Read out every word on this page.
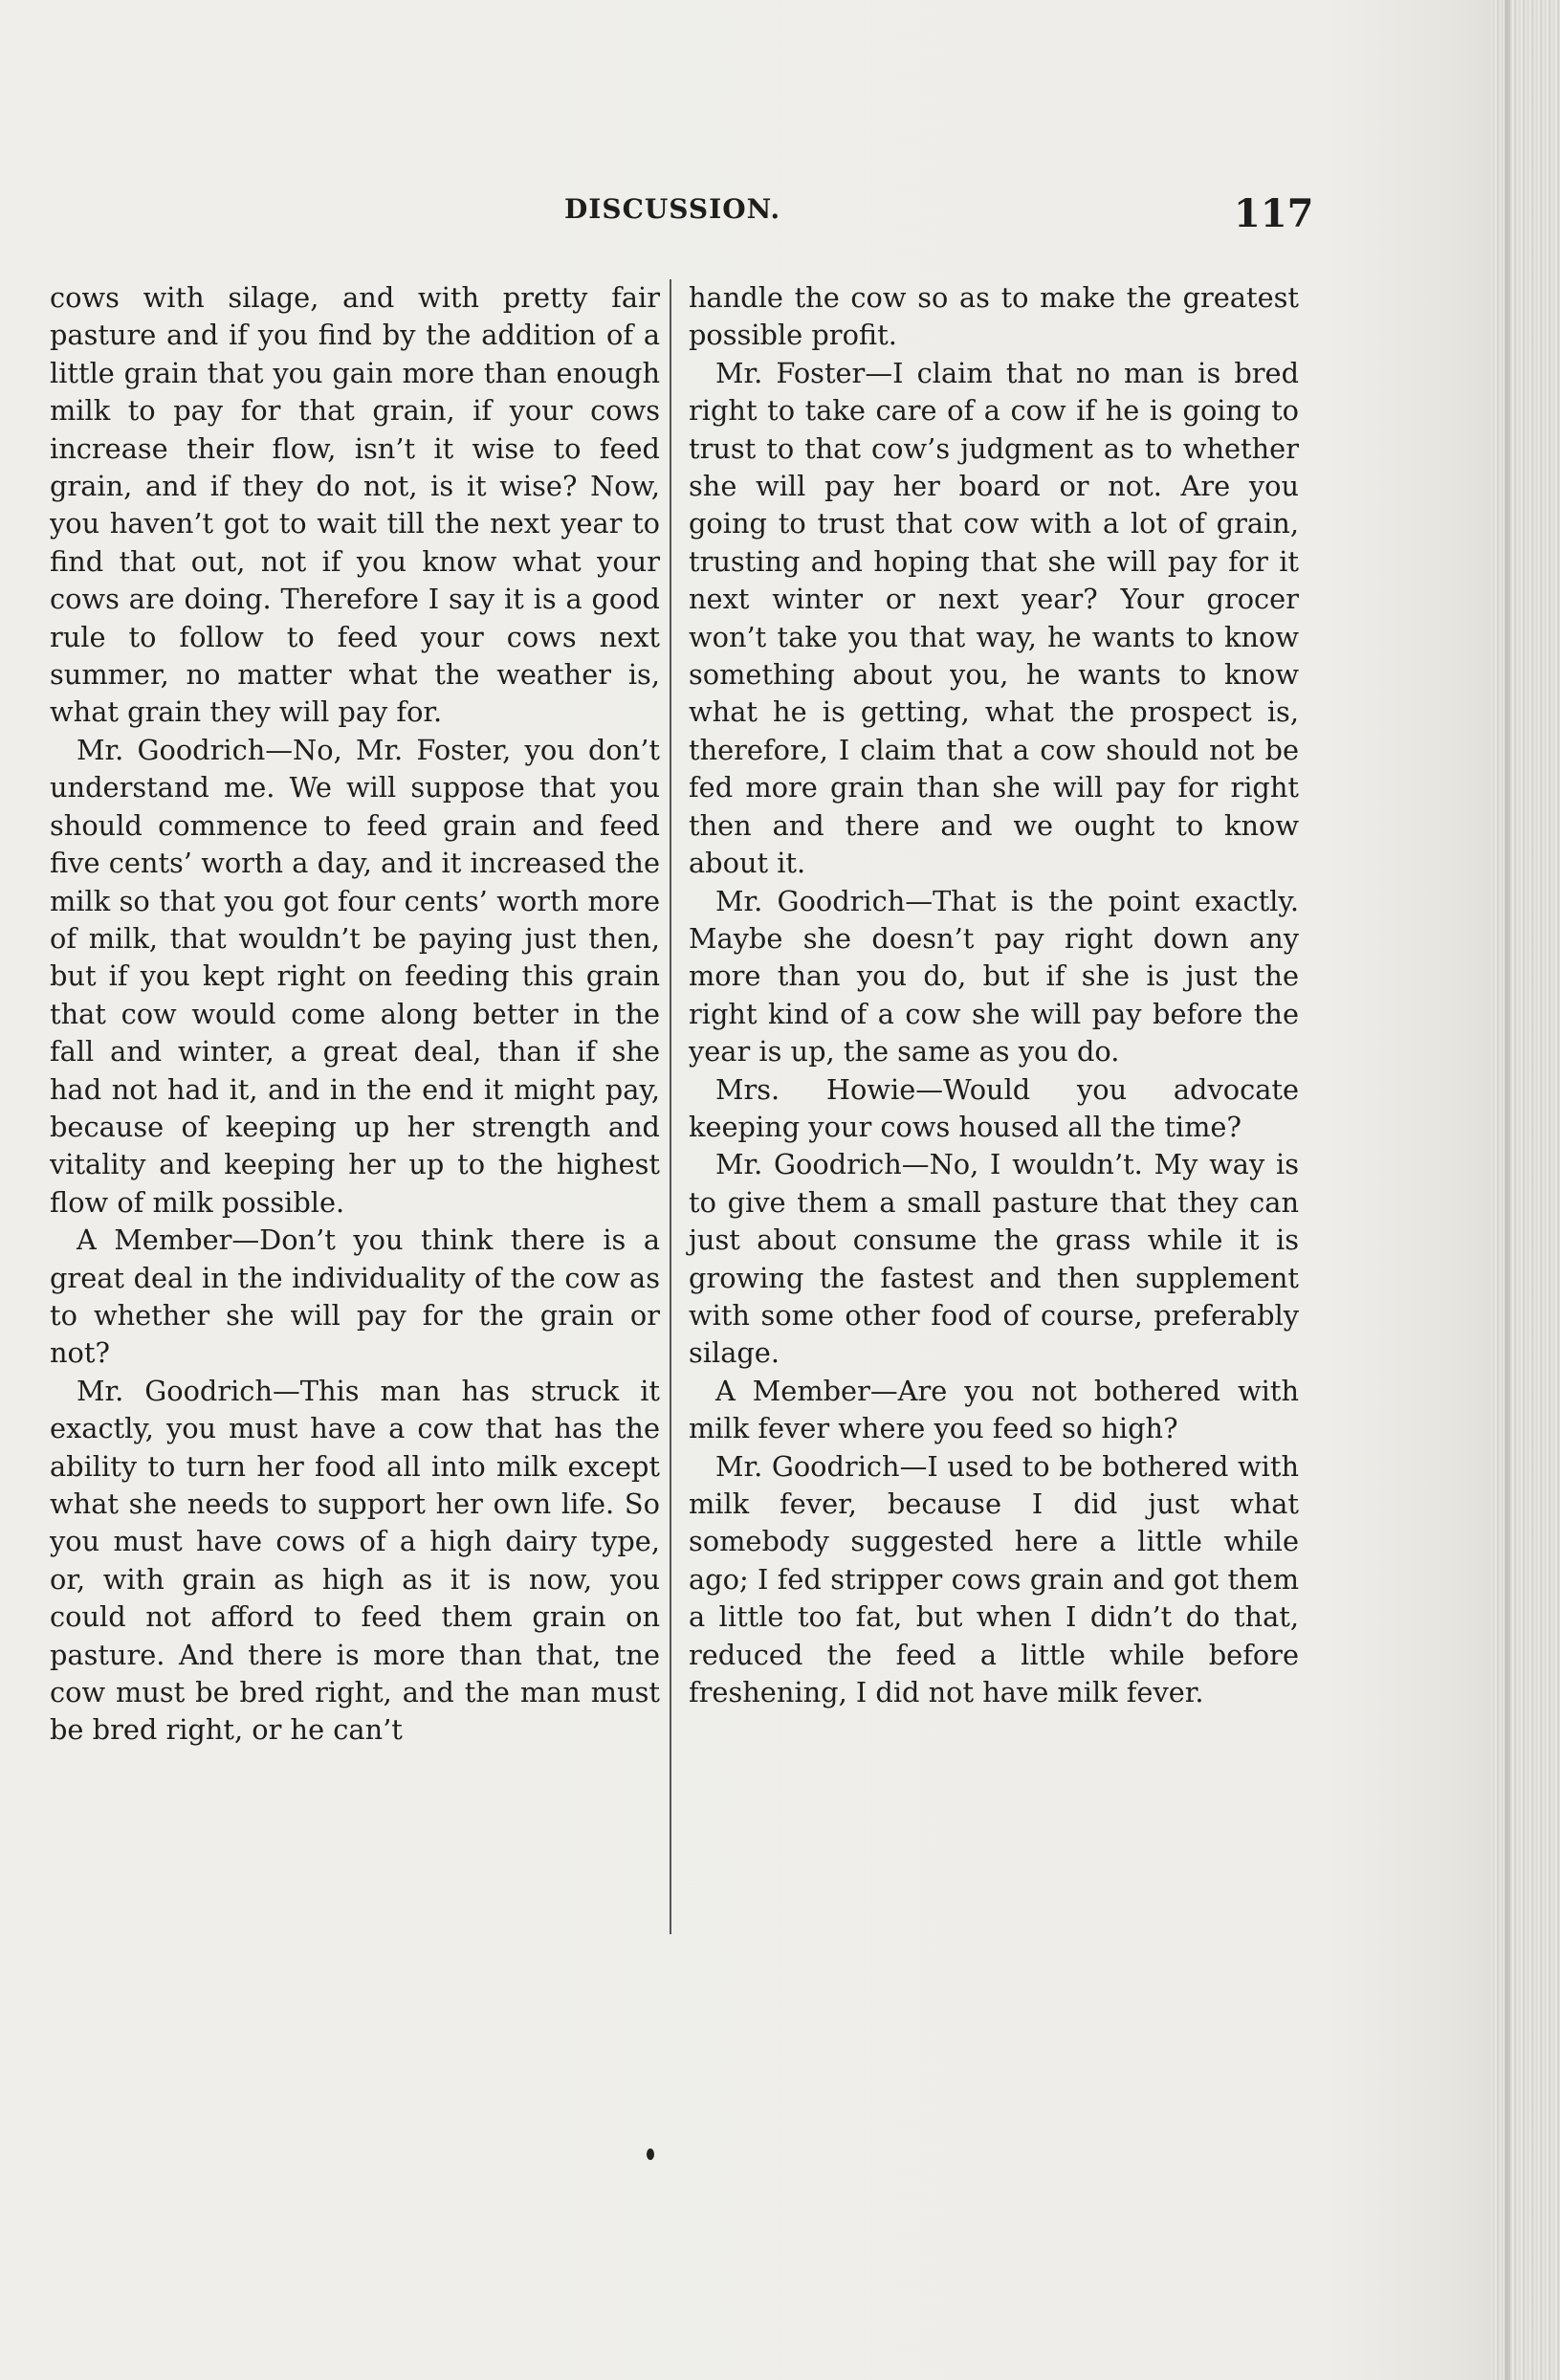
DISCUSSION.	117

cows with silage, and with pretty fair pasture and if you find by the addition of a little grain that you gain more than enough milk to pay for that grain, if your cows increase their flow, isn’t it wise to feed grain, and if they do not, is it wise? Now, you haven’t got to wait till the next year to find that out, not if you know what your cows are doing. Therefore I say it is a good rule to follow to feed your cows next summer, no matter what the weather is, what grain they will pay for.

Mr. Goodrich—No, Mr. Foster, you don’t understand me. We will suppose that you should commence to feed grain and feed five cents’ worth a day, and it increased the milk so that you got four cents’ worth more of milk, that wouldn’t be paying just then, but if you kept right on feeding this grain that cow would come along better in the fall and winter, a great deal, than if she had not had it, and in the end it might pay, because of keeping up her strength and vitality and keeping her up to the highest flow of milk possible.

A Member—Don’t you think there is a great deal in the individuality of the cow as to whether she will pay for the grain or not?

Mr. Goodrich—This man has struck it exactly, you must have a cow that has the ability to turn her food all into milk except what she needs to support her own life. So you must have cows of a high dairy type, or, with grain as high as it is now, you could not afford to feed them grain on pasture. And there is more than that, tne cow must be bred right, and the man must be bred right, or he can’t

handle the cow so as to make the greatest possible profit.

Mr. Foster—I claim that no man is bred right to take care of a cow if he is going to trust to that cow’s judgment as to whether she will pay her board or not. Are you going to trust that cow with a lot of grain, trusting and hoping that she will pay for it next winter or next year? Your grocer won’t take you that way, he wants to know something about you, he wants to know what he is getting, what the prospect is, therefore, I claim that a cow should not be fed more grain than she will pay for right then and there and we ought to know about it.

Mr. Goodrich—That is the point exactly. Maybe she doesn’t pay right down any more than you do, but if she is just the right kind of a cow she will pay before the year is up, the same as you do.

Mrs. Howie—Would you advocate keeping your cows housed all the time?

Mr. Goodrich—No, I wouldn’t. My way is to give them a small pasture that they can just about consume the grass while it is growing the fastest and then supplement with some other food of course, preferably silage.

A Member—Are you not bothered with milk fever where you feed so high?

Mr. Goodrich—I used to be bothered with milk fever, because I did just what somebody suggested here a little while ago; I fed stripper cows grain and got them a little too fat, but when I didn’t do that, reduced the feed a little while before freshening, I did not have milk fever.
